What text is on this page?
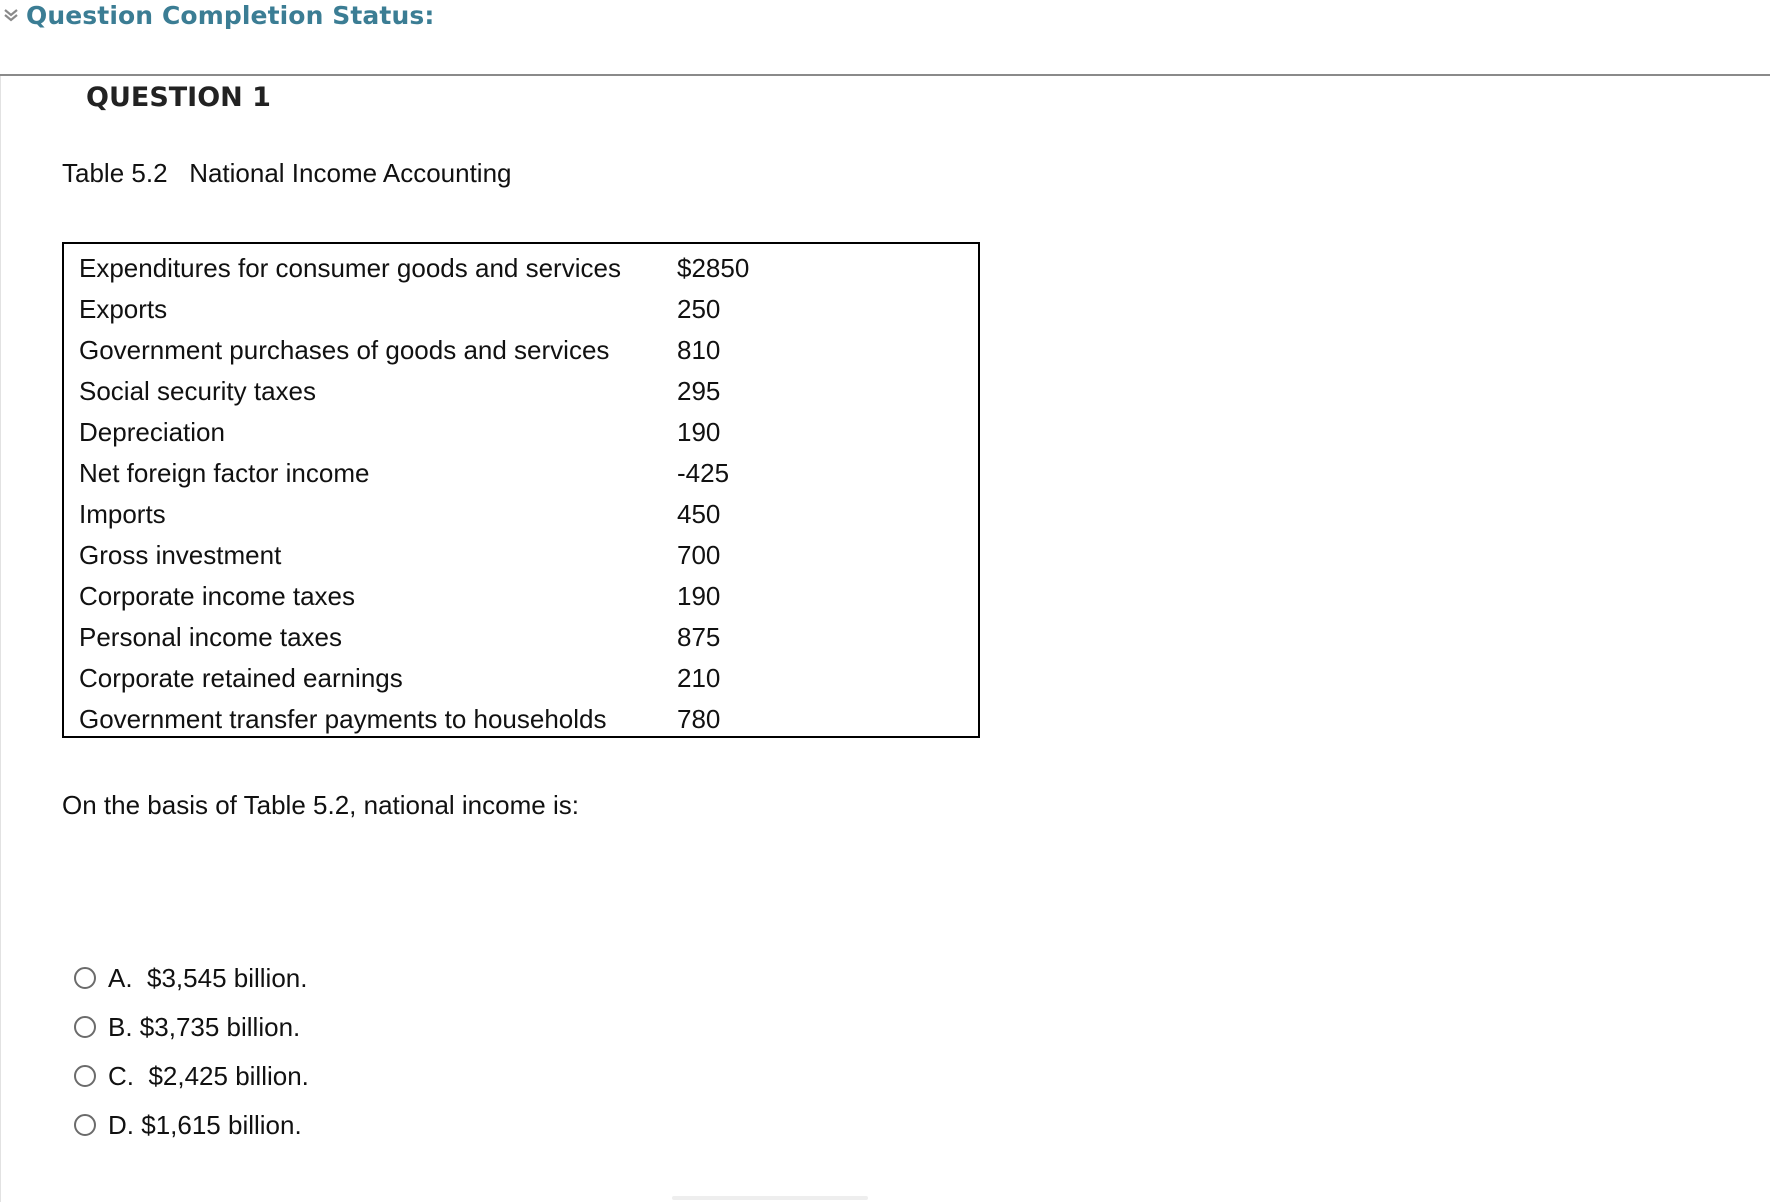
Question Completion Status:
QUESTION 1
Table 5.2   National Income Accounting
Expenditures for consumer goods and services $2850
Exports	250
Government purchases of goods and services	810
Social security taxes	295
Depreciation	190
Net foreign factor income	-425
Imports	450
Gross investment	700
Corporate income taxes	190
Personal income taxes	875
Corporate retained earnings	210
Government transfer payments to households	780
On the basis of Table 5.2, national income is:
A. $3,545 billion.
B. $3,735 billion.
C. $2,425 billion.
D. $1,615 billion.
